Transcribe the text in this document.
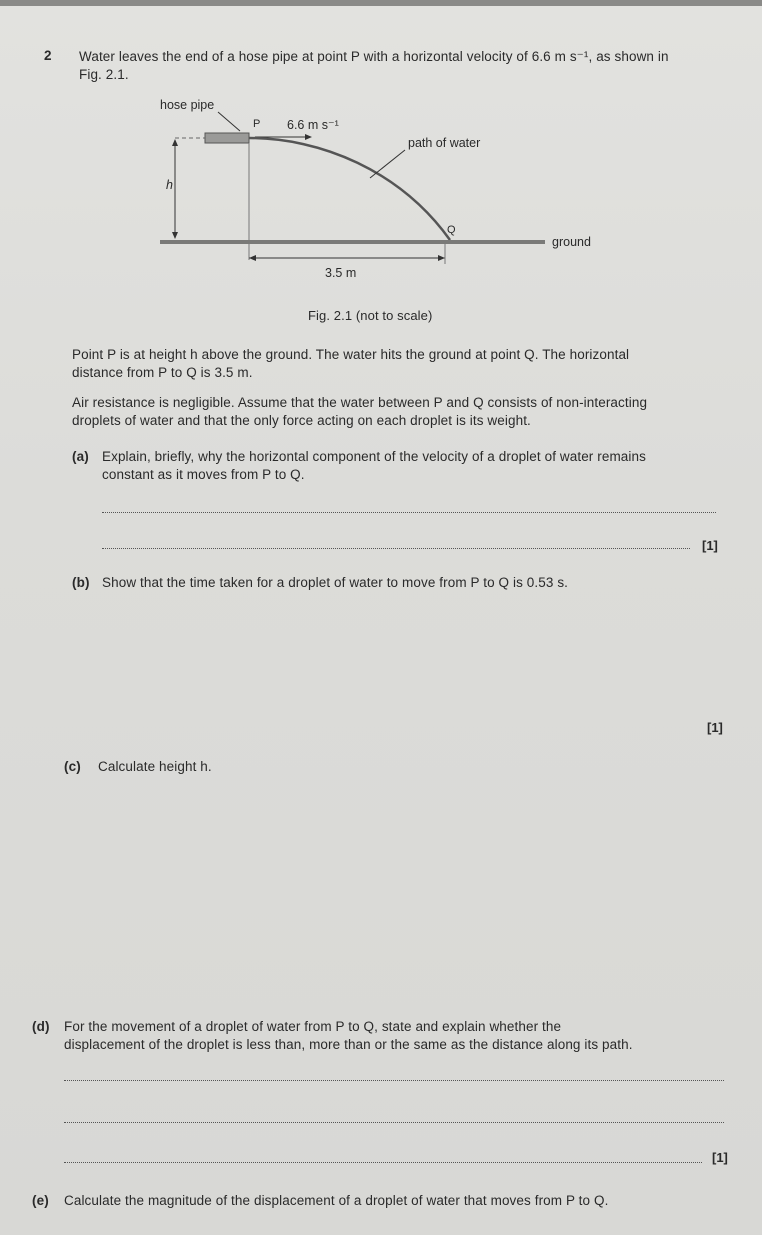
2 Water leaves the end of a hose pipe at point P with a horizontal velocity of 6.6 m s⁻¹, as shown in
Fig. 2.1.
hose pipe
P 6.6 m s⁻¹
path of water
h
Q
ground
3.5 m
Fig. 2.1 (not to scale)
Point P is at height h above the ground. The water hits the ground at point Q. The horizontal
distance from P to Q is 3.5 m.
Air resistance is negligible. Assume that the water between P and Q consists of non-interacting
droplets of water and that the only force acting on each droplet is its weight.
(a) Explain, briefly, why the horizontal component of the velocity of a droplet of water remains
constant as it moves from P to Q.
[1]
(b) Show that the time taken for a droplet of water to move from P to Q is 0.53 s.
[1]
(c) Calculate height h.
(d) For the movement of a droplet of water from P to Q, state and explain whether the
displacement of the droplet is less than, more than or the same as the distance along its path.
[1]
(e) Calculate the magnitude of the displacement of a droplet of water that moves from P to Q.
